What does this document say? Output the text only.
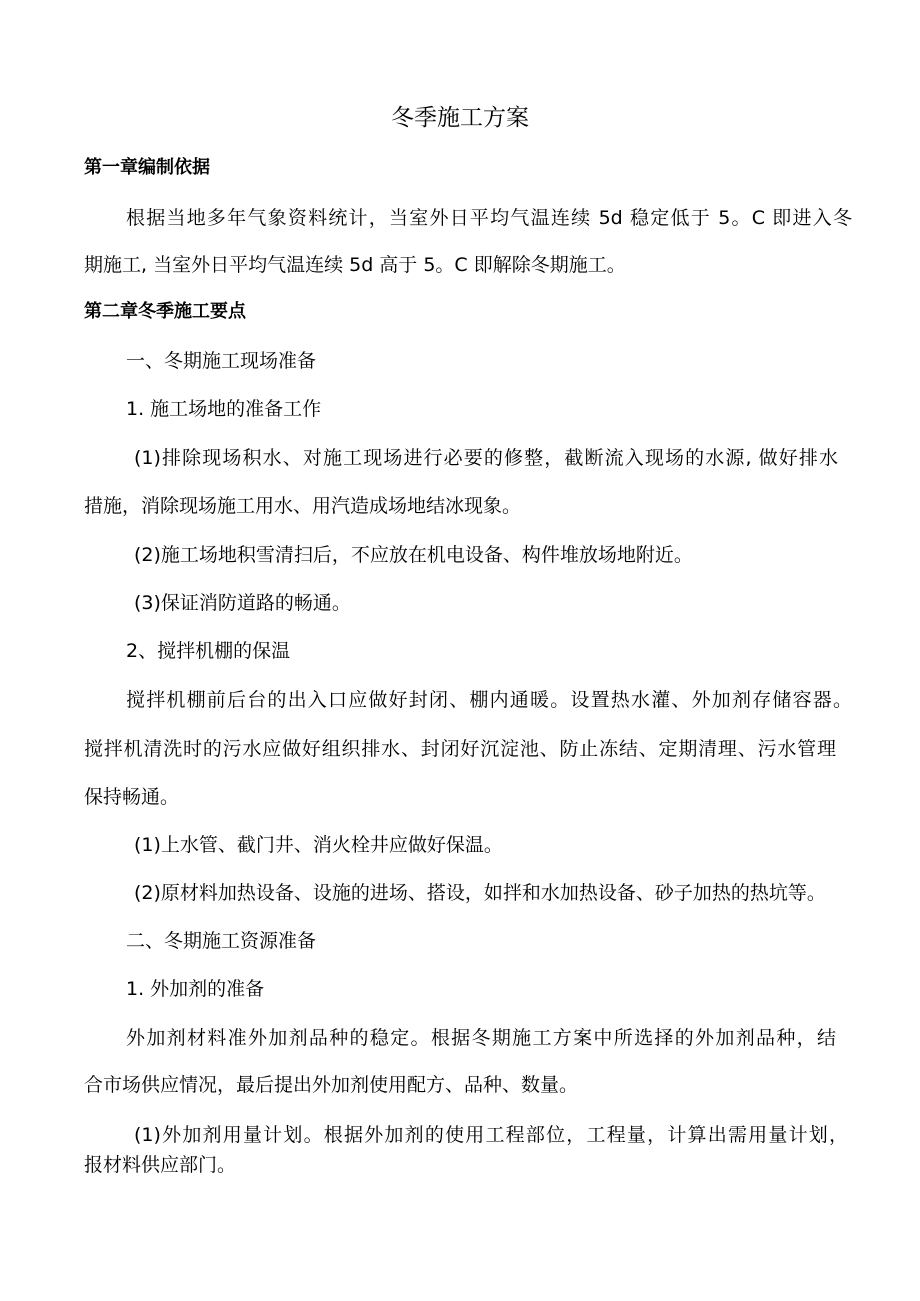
冬季施工方案
第一章编制依据
根据当地多年气象资料统计，当室外日平均气温连续 5d 稳定低于 5。C 即进入冬
期施工, 当室外日平均气温连续 5d 高于 5。C 即解除冬期施工。
第二章冬季施工要点
一、冬期施工现场准备
1. 施工场地的准备工作
(1)排除现场积水、对施工现场进行必要的修整，截断流入现场的水源, 做好排水
措施，消除现场施工用水、用汽造成场地结冰现象。
(2)施工场地积雪清扫后，不应放在机电设备、构件堆放场地附近。
(3)保证消防道路的畅通。
2、搅拌机棚的保温
搅拌机棚前后台的出入口应做好封闭、棚内通暖。设置热水灌、外加剂存储容器。
搅拌机清洗时的污水应做好组织排水、封闭好沉淀池、防止冻结、定期清理、污水管理
保持畅通。
(1)上水管、截门井、消火栓井应做好保温。
(2)原材料加热设备、设施的进场、搭设，如拌和水加热设备、砂子加热的热坑等。
二、冬期施工资源准备
1. 外加剂的准备
外加剂材料准外加剂品种的稳定。根据冬期施工方案中所选择的外加剂品种，结
合市场供应情况，最后提出外加剂使用配方、品种、数量。
(1)外加剂用量计划。根据外加剂的使用工程部位，工程量，计算出需用量计划，
报材料供应部门。
